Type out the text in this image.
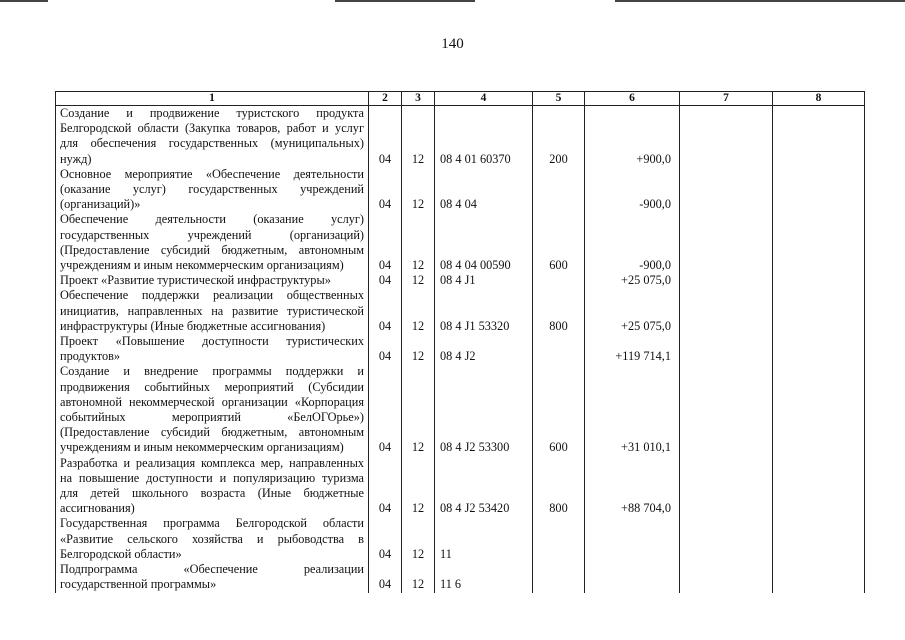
140
1	2	3	4	5	6	7	8
Создание и продвижение туристского продукта Белгородской области (Закупка товаров, работ и услуг для обеспечения государственных (муниципальных) нужд)	04	12	08 4 01 60370	200	+900,0		
Основное мероприятие «Обеспечение деятельности (оказание услуг) государственных учреждений (организаций)»	04	12	08 4 04		-900,0		
Обеспечение деятельности (оказание услуг) государственных учреждений (организаций) (Предоставление субсидий бюджетным, автономным учреждениям и иным некоммерческим организациям)	04	12	08 4 04 00590	600	-900,0		
Проект «Развитие туристической инфраструктуры»	04	12	08 4 J1		+25 075,0		
Обеспечение поддержки реализации общественных инициатив, направленных на развитие туристической инфраструктуры (Иные бюджетные ассигнования)	04	12	08 4 J1 53320	800	+25 075,0		
Проект «Повышение доступности туристических продуктов»	04	12	08 4 J2		+119 714,1		
Создание и внедрение программы поддержки и продвижения событийных мероприятий (Субсидии автономной некоммерческой организации «Корпорация событийных мероприятий «БелОГОрье») (Предоставление субсидий бюджетным, автономным учреждениям и иным некоммерческим организациям)	04	12	08 4 J2 53300	600	+31 010,1		
Разработка и реализация комплекса мер, направленных на повышение доступности и популяризацию туризма для детей школьного возраста (Иные бюджетные ассигнования)	04	12	08 4 J2 53420	800	+88 704,0		
Государственная программа Белгородской области «Развитие сельского хозяйства и рыбоводства в Белгородской области»	04	12	11				
Подпрограмма «Обеспечение реализации государственной программы»	04	12	11 6				
